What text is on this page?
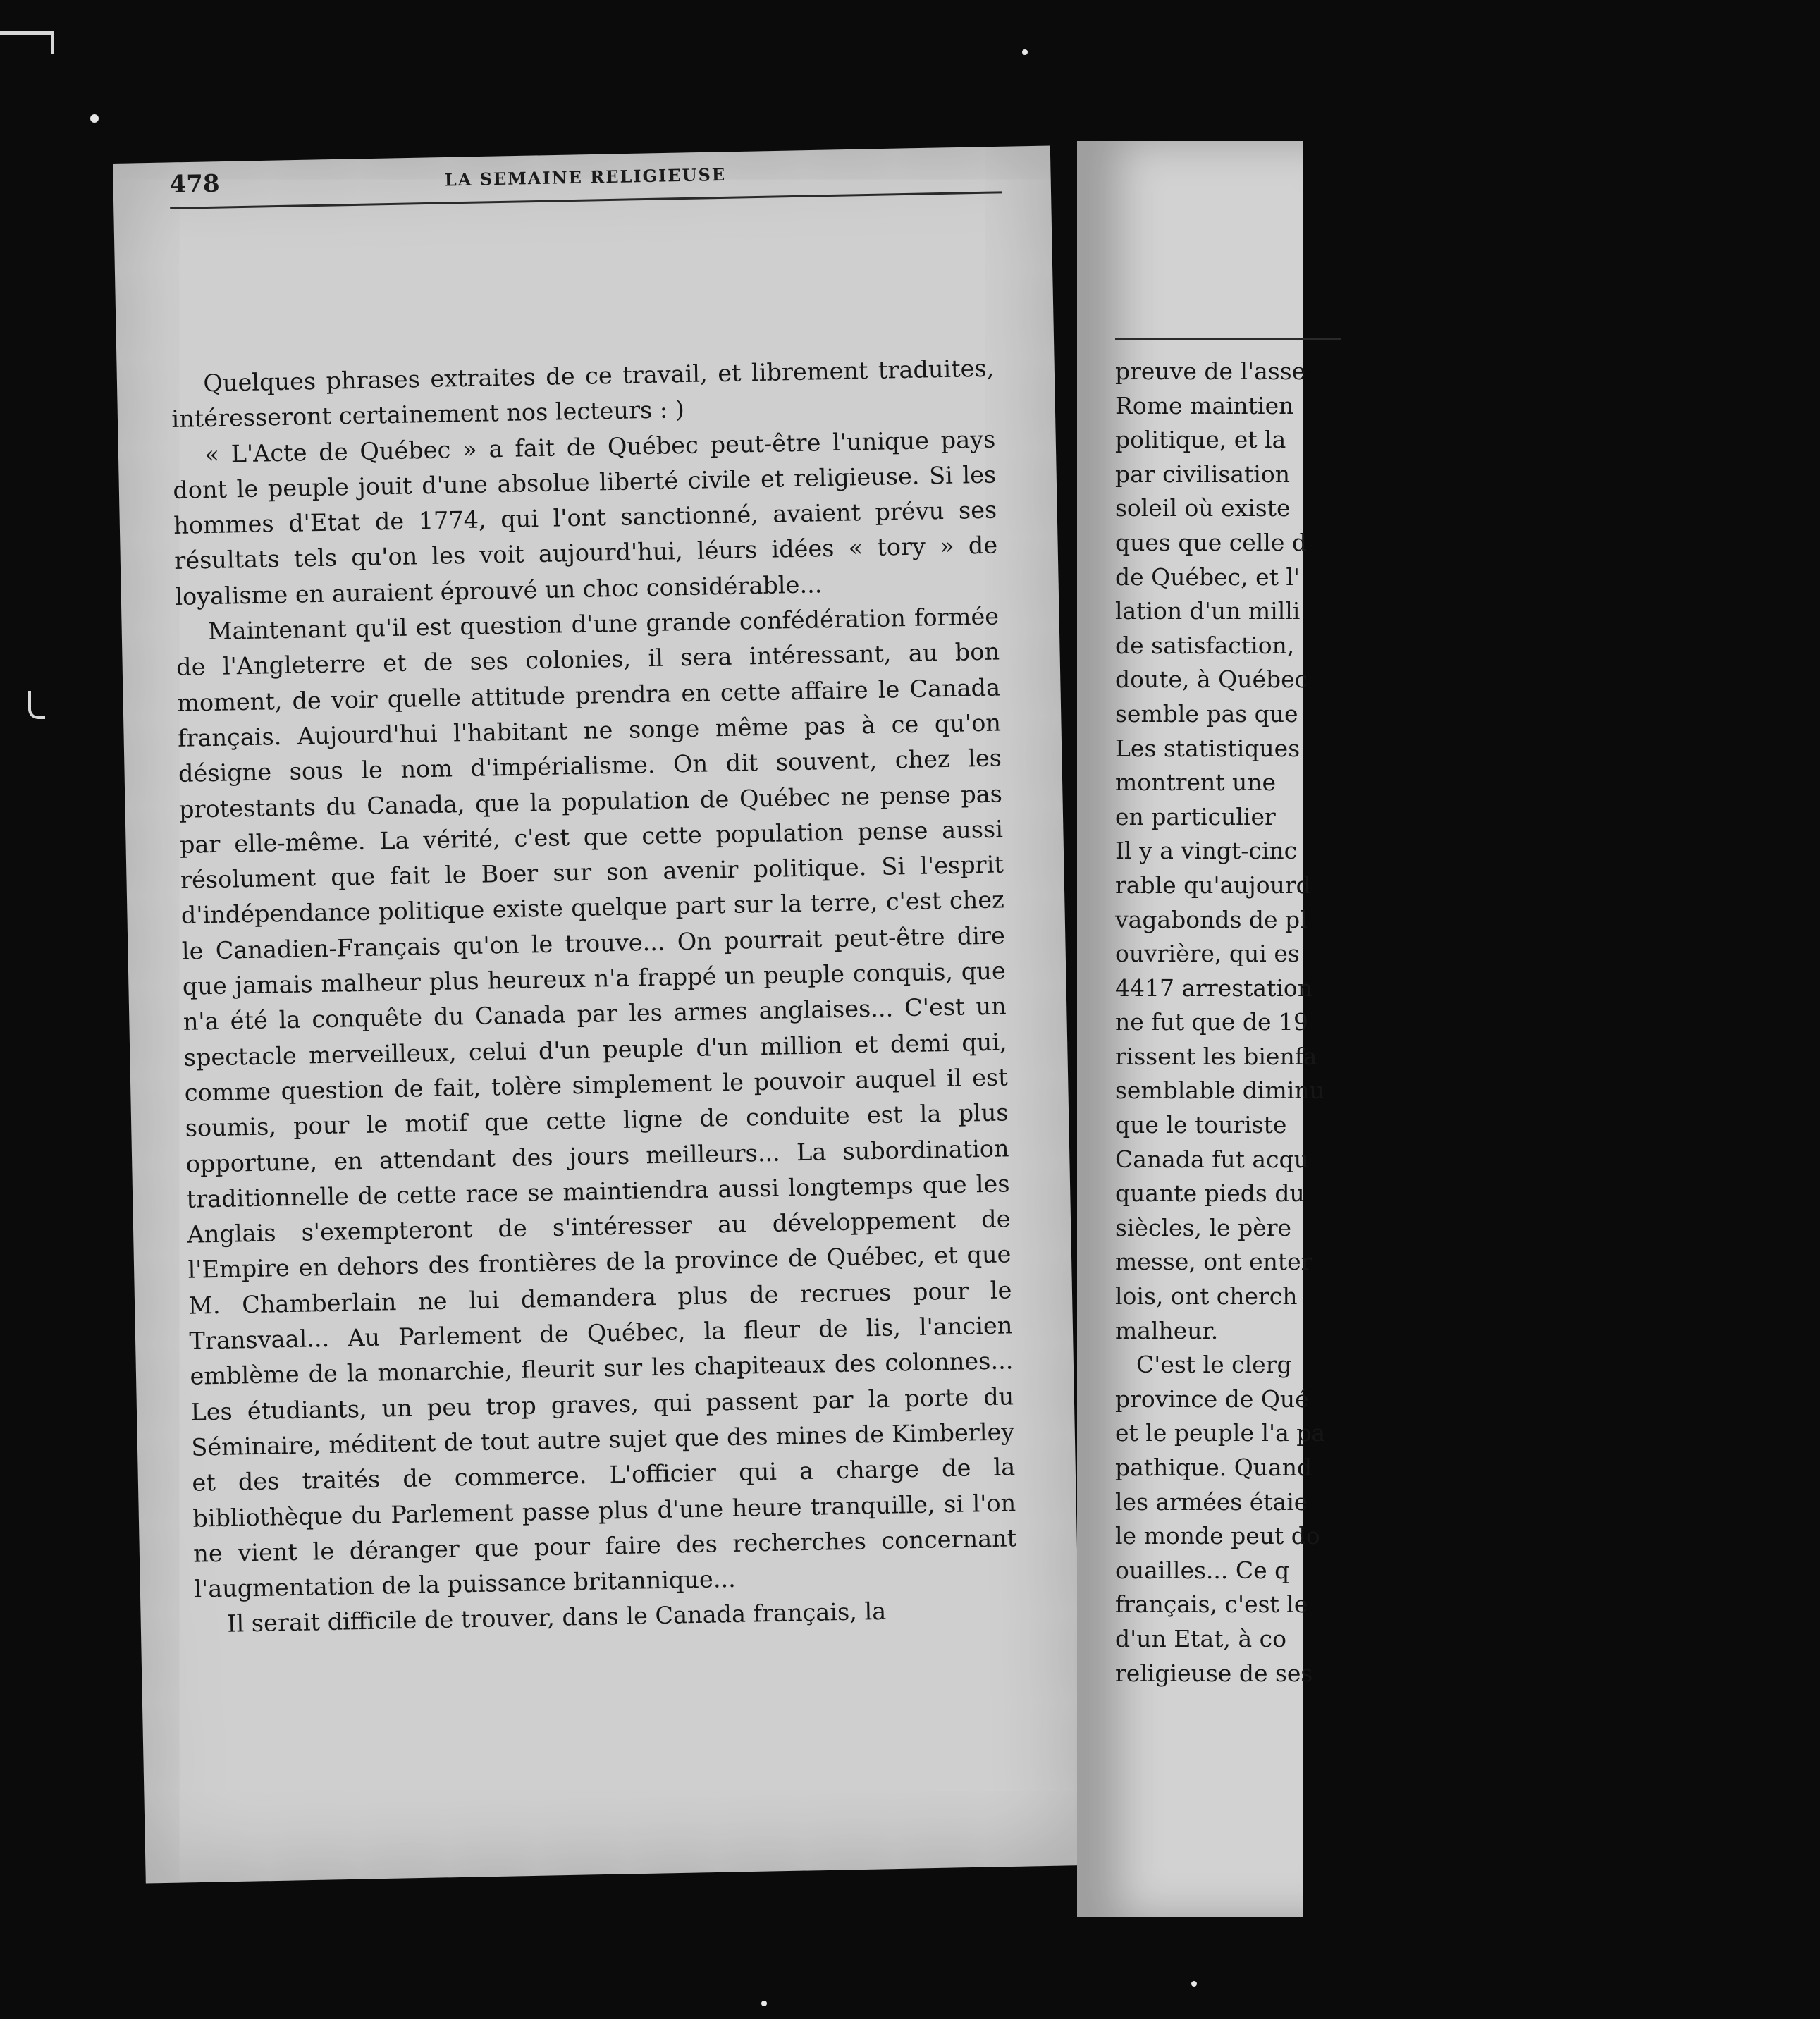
478	LA SEMAINE RELIGIEUSE

Quelques phrases extraites de ce travail, et librement traduites, intéresseront certainement nos lecteurs : )

« L'Acte de Québec » a fait de Québec peut-être l'unique pays dont le peuple jouit d'une absolue liberté civile et religieuse. Si les hommes d'Etat de 1774, qui l'ont sanctionné, avaient prévu ses résultats tels qu'on les voit aujourd'hui, léurs idées « tory » de loyalisme en auraient éprouvé un choc considérable...

Maintenant qu'il est question d'une grande confédération formée de l'Angleterre et de ses colonies, il sera intéressant, au bon moment, de voir quelle attitude prendra en cette affaire le Canada français. Aujourd'hui l'habitant ne songe même pas à ce qu'on désigne sous le nom d'impérialisme. On dit souvent, chez les protestants du Canada, que la population de Québec ne pense pas par elle-même. La vérité, c'est que cette population pense aussi résolument que fait le Boer sur son avenir politique. Si l'esprit d'indépendance politique existe quelque part sur la terre, c'est chez le Canadien-Français qu'on le trouve... On pourrait peut-être dire que jamais malheur plus heureux n'a frappé un peuple conquis, que n'a été la conquête du Canada par les armes anglaises... C'est un spectacle merveilleux, celui d'un peuple d'un million et demi qui, comme question de fait, tolère simplement le pouvoir auquel il est soumis, pour le motif que cette ligne de conduite est la plus opportune, en attendant des jours meilleurs... La subordination traditionnelle de cette race se maintiendra aussi longtemps que les Anglais s'exempteront de s'intéresser au développement de l'Empire en dehors des frontières de la province de Québec, et que M. Chamberlain ne lui demandera plus de recrues pour le Transvaal... Au Parlement de Québec, la fleur de lis, l'ancien emblème de la monarchie, fleurit sur les chapiteaux des colonnes... Les étudiants, un peu trop graves, qui passent par la porte du Séminaire, méditent de tout autre sujet que des mines de Kimberley et des traités de commerce. L'officier qui a charge de la bibliothèque du Parlement passe plus d'une heure tranquille, si l'on ne vient le déranger que pour faire des recherches concernant l'augmentation de la puissance britannique...

Il serait difficile de trouver, dans le Canada français, la

preuve de l'asse
Rome maintien
politique, et la
par civilisation
soleil où existe
ques que celle d
de Québec, et l'
lation d'un milli
de satisfaction,
doute, à Québec
semble pas que
Les statistiques
montrent une
en particulier
Il y a vingt-cinc
rable qu'aujourd
vagabonds de pl
ouvrière, qui es
4417 arrestation
ne fut que de 19
rissent les bienfa
semblable diminu
que le touriste
Canada fut acqu
quante pieds du
siècles, le père
messe, ont enter
lois, ont cherch
malheur.
C'est le clerg
province de Qué
et le peuple l'a pa
pathique. Quand
les armées étaie
le monde peut do
ouailles... Ce q
français, c'est le
d'un Etat, à co
religieuse de ses
